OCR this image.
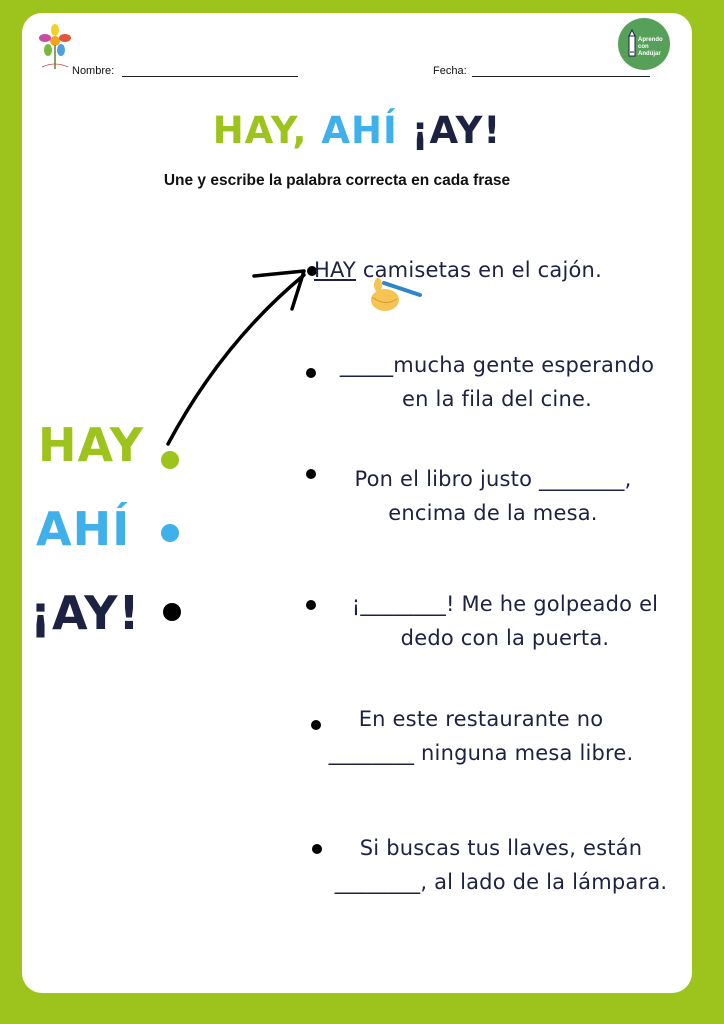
Aprendo con Andújar
Nombre:	Fecha:
HAY, AHÍ ¡AY!
Une y escribe la palabra correcta en cada frase
HAY
AHÍ
¡AY!
HAY camisetas en el cajón.
_____mucha gente esperando
en la fila del cine.
Pon el libro justo ________,
encima de la mesa.
¡________! Me he golpeado el
dedo con la puerta.
En este restaurante no
________ ninguna mesa libre.
Si buscas tus llaves, están
________, al lado de la lámpara.
